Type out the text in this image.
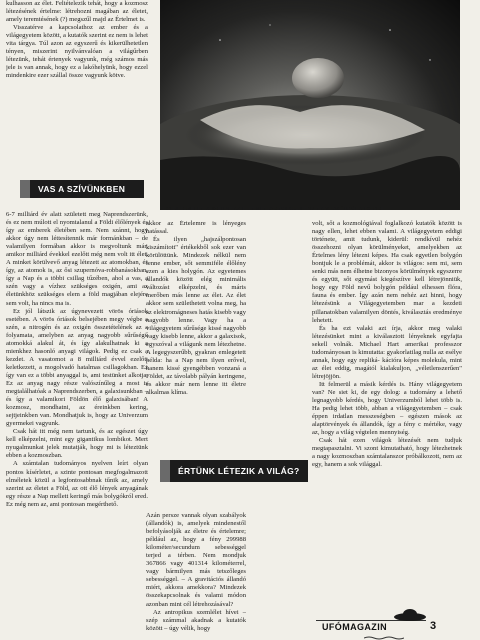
kulhasson az élet. Feltételezik tehát, hogy a kozmosz létezésének értelme: létrehozni magában az életet, amely teremtésének (?) megszűl majd az Értelmet is.

Visszatérve a kapcsolathoz az ember és a világegyetem között, a kutatók szerint ez nem is lehet vita tárgya. Túl azon az egyszerű és kikerülhetetlen tényen, miszerint nyilvánvalóan a világűrben létezünk, tehát értenyek vagyunk, még számos más jele is van annak, hogy ez a lakóhelyünk, hogy ezzel mindenkire ezer szállal össze vagyunk kötve.

VAS A SZÍVÜNKBEN

6-7 milliárd év alatt született meg Naprendszerünk, és ez nem múlott el nyomtalanul a Földi élőlények és így az emberek életében sem. Nem szánnt, hogy akkor úgy nem léttesítennik már formánkban – de valamilyen formában akkor is megvoltunk már, amikor milliárd évekkel ezelőtt még nem volt itt élet. A minket körülvevő anyag létezett az atomokban, és így, az atomok is, az ősi szupernóva-robbanásokban, így a Nap és a többi csillag tűzében, ahol a vas, a szén vagy a vízhez szükséges oxigén, ami az életünkhöz szükséges elem a föld magjában elejére sem volt, ha nincs ma is.

Ez jól látszik az úgynevezett vörös óriások esetében. A vörös óriások belsejében megy végbe a szén, a nitrogén és az oxigén összetételének az a folyamata, amelyben az anyag nagyobb sűrűségű atomokká alakul át, és így alakulhatnak ki a mienkhez hasonló anyagi világok. Pedig ez csak a kezdet. A vasatomot a 8 milliárd évvel ezelőtt keletkezett, a mogolvadó hatalmas csillagokban. Ez így van ez a többi anyaggal is, ami testünket alkotja. Ez az anyag nagy része valószínűleg a most is megtalálhatóak a Naprendszerben, a galaxisunkban – és így a valamikori Földön élő galaxisában! A kozmosz, mondhatni, az éreinkben kering, sejtjeinkben van. Mondhatjuk is, hogy az Univerzum gyermekei vagyunk.

Csak hát itt még nem tartunk, és az egészet úgy kell elképzelni, mint egy gigantikus lombikot. Mert nyugalmunkat jelek mutatják, hogy mi is léteztünk ebben a kozmoszban.

A számtalan tudományos nyelven leírt olyan pontos kísérletet, a szinte pontosan megfogalmazott elméletek közül a legfontosabbnak tűnik az, amely szerint az életet a Föld, az ott élő lények anyagának egy része a Nap mellett keringő más bolygókról ered. Ez még nem az, ami pontosan megérthető.

EGYES ELMÉLETEK SZERINT AZ ÉLET METEORITOKKAL KERÜLT A VILÁGŰRBŐL A FÖLDRE

akkor az Értelemre is lényeges hatással.

És ilyen „hajszálpontosan kiszámított" értékekből sok ezer van körülöttünk. Mindezek nélkül nem lenne ember, sőt semmiféle élőlény ezen a kies holygón. Az egyetemes állandók között elég minimális változást elképzelni, és máris merőben más lenne az élet. Az élet akkor sem születhetett volna meg, ha az elektromágneses hatás kisebb vagy nagyobb lenne. Vagy ha a világegyetem sűrűsége kissé nagyobb vagy kisebb lenne, akkor a galaxisok, egyszóval a világunk nem létezhetne. A legegyszerűbb, gyakran emlegetett példa: ha a Nap nem ilyen erővel, hanem kissé gyengébben vonzaná a Földet, az távolabb pályán keringene, és akkor már nem lenne itt életre alkalmas klíma.

ÉRTÜNK LÉTEZIK A VILÁG?

Azán persze vannak olyan szabályok (állandók) is, amelyek mindenestől befolyásolják az életre és értelemre; például az, hogy a fény 299988 kilométer/secundum sebességgel terjed a térben. Nem mondjuk 367866 vagy 401314 kilométerrel, vagy bármilyen más tetszőleges sebességgel. – A gravitációs állandó miért, akkora amekkora? Mindezek összekapcsolnak és valami módon azonban mint cél létrehozásával?

Az antropikus szemlélet hívei – szép számmal akadnak a kutatók között – úgy vélik, hogy

volt, sőt a kozmológiával foglalkozó kutatók között is nagy ellen, lehet ebben valami. A világegyetem eddigi története, amit tudunk, kiderül: rendkívül nehéz összehozni olyan körülményeket, amelyekben az Értelmes lény létezni képes. Ha csak egyetlen bolygón bontjuk le a problémát, akkor is világos: sem mi, sem senki más nem élhetne bizonyos körülmények egyszerre és együtt, sőt egymást kiegészítve kell létrejönniük, hogy egy Föld nevű bolygón például elhessen flóra, fauna és ember. Így azán nem nehéz azt hinni, hogy létezésünk a Világegyetemben mar a kezdeti pillanatokban valamilyen döntés, kiválasztás eredménye lehetett.

És ha ezt valaki azt írja, akkor meg valaki létezésünket mint a kiválasztott lényeknek egyfajta sekell volnák. Michael Hart amerikai professzor tudományosan is kimutatta: gyakorlatilag nulla az esélye annak, hogy egy repliká- kációra képes molekula, mint az élet eddig, magától kialakuljon, „véletlenszerűen" létrejöjjön.

Itt felmerül a másik kérdés is. Hány világegyetem van? Ne siet ki, de egy dolog: a tudomány a lehető legnagyobb kérdés, hogy Univerzumból lehet több is. Ha pedig lehet több, abban a világegyetemben – csak éppen irdatlan messzeségben – egészen mások az alaptörvények és állandók, így a fény c mértéke, vagy az, hogy a világ végtelen mennyiség.

Csak hát ezen világok létezését nem tudjuk megtapasztalni. Vi szont kimutatható, hogy létezhetnek a nagy kozmoszban számtalanszor próbálkozott, nem az egy, hanem a sok világgal.

UFÓMAGAZIN	3
